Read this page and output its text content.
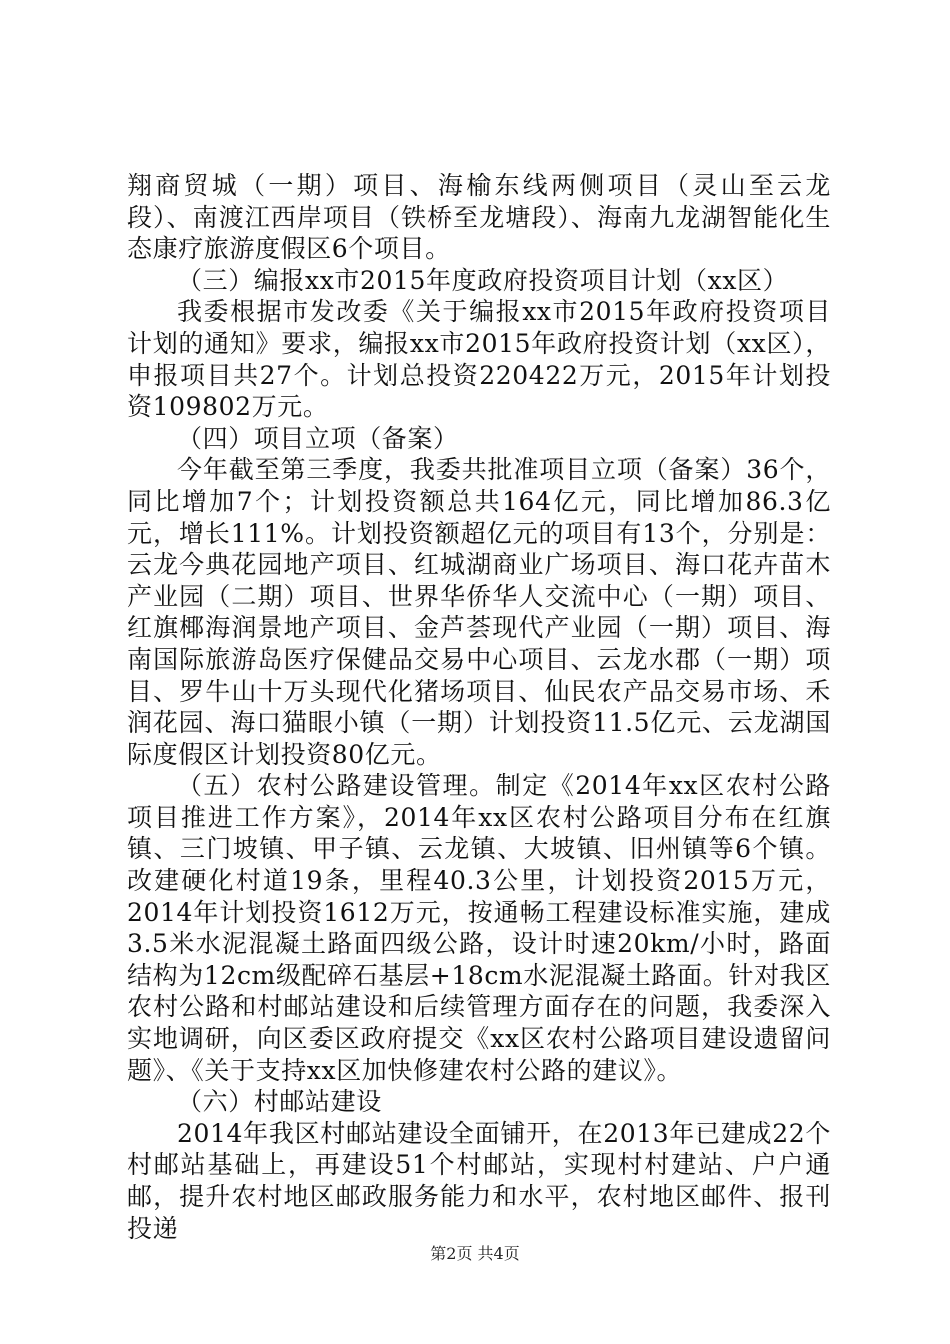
翔商贸城（一期）项目、海榆东线两侧项目（灵山至云龙段）、南渡江西岸项目（铁桥至龙塘段）、海南九龙湖智能化生态康疗旅游度假区6个项目。

（三）编报xx市2015年度政府投资项目计划（xx区）

我委根据市发改委《关于编报xx市2015年政府投资项目计划的通知》要求，编报xx市2015年政府投资计划（xx区），申报项目共27个。计划总投资220422万元，2015年计划投资109802万元。

（四）项目立项（备案）

今年截至第三季度，我委共批准项目立项（备案）36个，同比增加7个；计划投资额总共164亿元，同比增加86.3亿元，增长111%。计划投资额超亿元的项目有13个，分别是：云龙今典花园地产项目、红城湖商业广场项目、海口花卉苗木产业园（二期）项目、世界华侨华人交流中心（一期）项目、红旗椰海润景地产项目、金芦荟现代产业园（一期）项目、海南国际旅游岛医疗保健品交易中心项目、云龙水郡（一期）项目、罗牛山十万头现代化猪场项目、仙民农产品交易市场、禾润花园、海口猫眼小镇（一期）计划投资11.5亿元、云龙湖国际度假区计划投资80亿元。

（五）农村公路建设管理。制定《2014年xx区农村公路项目推进工作方案》，2014年xx区农村公路项目分布在红旗镇、三门坡镇、甲子镇、云龙镇、大坡镇、旧州镇等6个镇。改建硬化村道19条，里程40.3公里，计划投资2015万元，2014年计划投资1612万元，按通畅工程建设标准实施，建成3.5米水泥混凝土路面四级公路，设计时速20km/小时，路面结构为12cm级配碎石基层+18cm水泥混凝土路面。针对我区农村公路和村邮站建设和后续管理方面存在的问题，我委深入实地调研，向区委区政府提交《xx区农村公路项目建设遗留问题》、《关于支持xx区加快修建农村公路的建议》。

（六）村邮站建设

2014年我区村邮站建设全面铺开，在2013年已建成22个村邮站基础上，再建设51个村邮站，实现村村建站、户户通邮，提升农村地区邮政服务能力和水平，农村地区邮件、报刊投递

第2页 共4页
